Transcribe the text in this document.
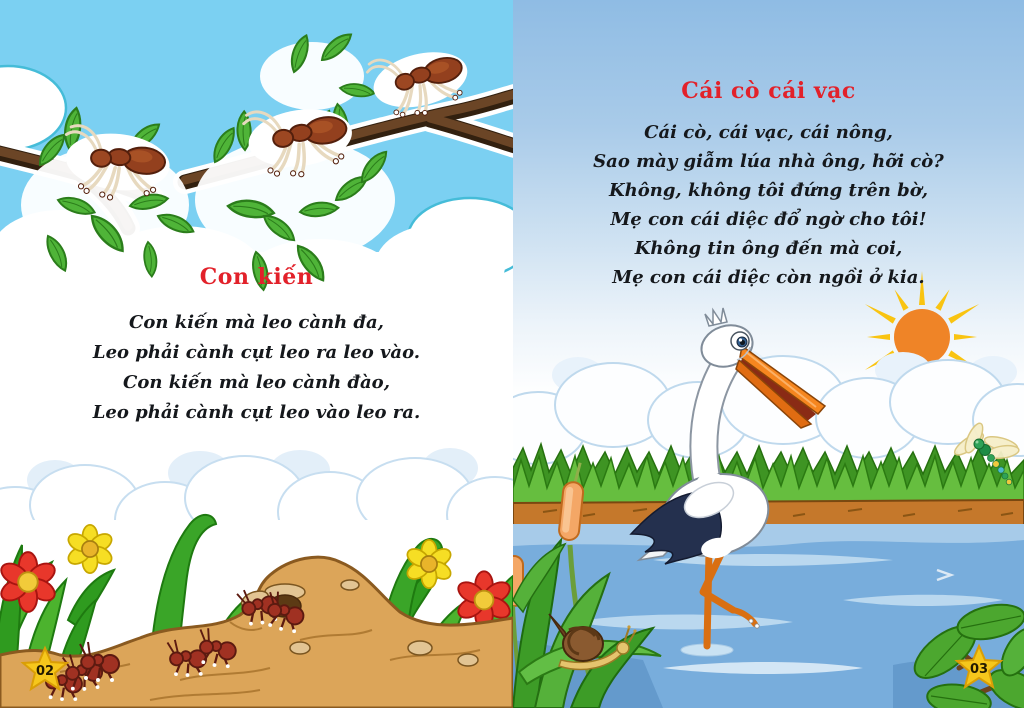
02
Con kiến

Con kiến mà leo cành đa,

Leo phải cành cụt leo ra leo vào.

Con kiến mà leo cành đào,

Leo phải cành cụt leo vào leo ra.

03
Cái cò cái vạc

Cái cò, cái vạc, cái nông,

Sao mày giẫm lúa nhà ông, hỡi cò?

Không, không tôi đứng trên bờ,

Mẹ con cái diệc đổ ngờ cho tôi!

Không tin ông đến mà coi,

Mẹ con cái diệc còn ngồi ở kia.
